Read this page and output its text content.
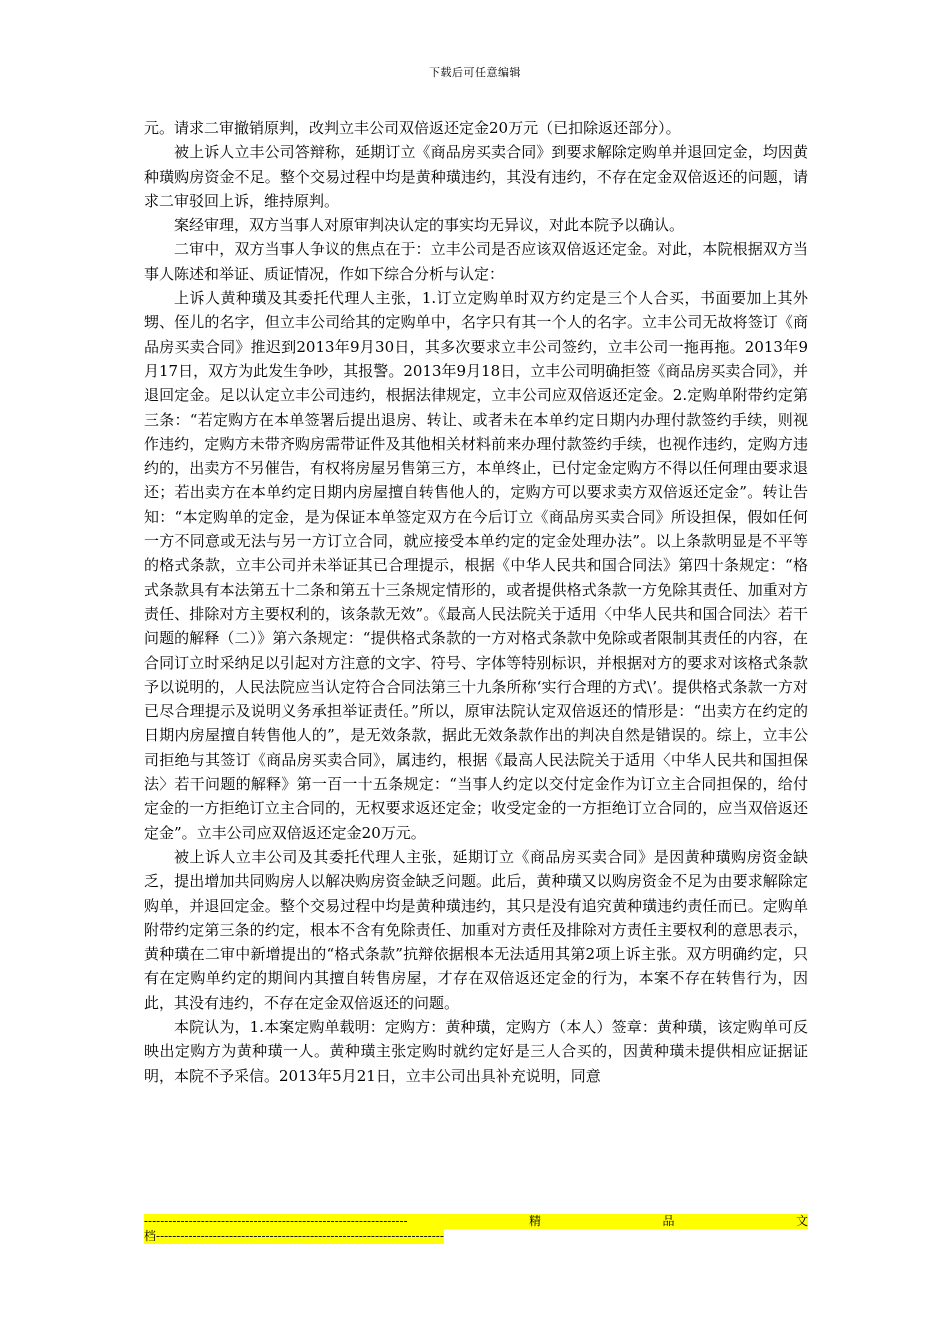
下载后可任意编辑

元。请求二审撤销原判，改判立丰公司双倍返还定金20万元（已扣除返还部分）。

被上诉人立丰公司答辩称，延期订立《商品房买卖合同》到要求解除定购单并退回定金，均因黄种璜购房资金不足。整个交易过程中均是黄种璜违约，其没有违约，不存在定金双倍返还的问题，请求二审驳回上诉，维持原判。

案经审理，双方当事人对原审判决认定的事实均无异议，对此本院予以确认。

二审中，双方当事人争议的焦点在于：立丰公司是否应该双倍返还定金。对此，本院根据双方当事人陈述和举证、质证情况，作如下综合分析与认定：

上诉人黄种璜及其委托代理人主张，1.订立定购单时双方约定是三个人合买，书面要加上其外甥、侄儿的名字，但立丰公司给其的定购单中，名字只有其一个人的名字。立丰公司无故将签订《商品房买卖合同》推迟到2013年9月30日，其多次要求立丰公司签约，立丰公司一拖再拖。2013年9月17日，双方为此发生争吵，其报警。2013年9月18日，立丰公司明确拒签《商品房买卖合同》，并退回定金。足以认定立丰公司违约，根据法律规定，立丰公司应双倍返还定金。2.定购单附带约定第三条：“若定购方在本单签署后提出退房、转让、或者未在本单约定日期内办理付款签约手续，则视作违约，定购方未带齐购房需带证件及其他相关材料前来办理付款签约手续，也视作违约，定购方违约的，出卖方不另催告，有权将房屋另售第三方，本单终止，已付定金定购方不得以任何理由要求退还；若出卖方在本单约定日期内房屋擅自转售他人的，定购方可以要求卖方双倍返还定金”。转让告知：“本定购单的定金，是为保证本单签定双方在今后订立《商品房买卖合同》所设担保，假如任何一方不同意或无法与另一方订立合同，就应接受本单约定的定金处理办法”。以上条款明显是不平等的格式条款，立丰公司并未举证其已合理提示，根据《中华人民共和国合同法》第四十条规定：“格式条款具有本法第五十二条和第五十三条规定情形的，或者提供格式条款一方免除其责任、加重对方责任、排除对方主要权利的，该条款无效”。《最高人民法院关于适用〈中华人民共和国合同法〉若干问题的解释（二）》第六条规定：“提供格式条款的一方对格式条款中免除或者限制其责任的内容，在合同订立时采纳足以引起对方注意的文字、符号、字体等特别标识，并根据对方的要求对该格式条款予以说明的，人民法院应当认定符合合同法第三十九条所称‘实行合理的方式\’。提供格式条款一方对已尽合理提示及说明义务承担举证责任。”所以，原审法院认定双倍返还的情形是：“出卖方在约定的日期内房屋擅自转售他人的”，是无效条款，据此无效条款作出的判决自然是错误的。综上，立丰公司拒绝与其签订《商品房买卖合同》，属违约，根据《最高人民法院关于适用〈中华人民共和国担保法〉若干问题的解释》第一百一十五条规定：“当事人约定以交付定金作为订立主合同担保的，给付定金的一方拒绝订立主合同的，无权要求返还定金；收受定金的一方拒绝订立合同的，应当双倍返还定金”。立丰公司应双倍返还定金20万元。

被上诉人立丰公司及其委托代理人主张，延期订立《商品房买卖合同》是因黄种璜购房资金缺乏，提出增加共同购房人以解决购房资金缺乏问题。此后，黄种璜又以购房资金不足为由要求解除定购单，并退回定金。整个交易过程中均是黄种璜违约，其只是没有追究黄种璜违约责任而已。定购单附带约定第三条的约定，根本不含有免除责任、加重对方责任及排除对方责任主要权利的意思表示，黄种璜在二审中新增提出的“格式条款”抗辩依据根本无法适用其第2项上诉主张。双方明确约定，只有在定购单约定的期间内其擅自转售房屋，才存在双倍返还定金的行为，本案不存在转售行为，因此，其没有违约，不存在定金双倍返还的问题。

本院认为，1.本案定购单载明：定购方：黄种璜，定购方（本人）签章：黄种璜，该定购单可反映出定购方为黄种璜一人。黄种璜主张定购时就约定好是三人合买的，因黄种璜未提供相应证据证明，本院不予采信。2013年5月21日，立丰公司出具补充说明，同意

-----------------------------------------------------------------	精	品	文
档-----------------------------------------------------------------------
